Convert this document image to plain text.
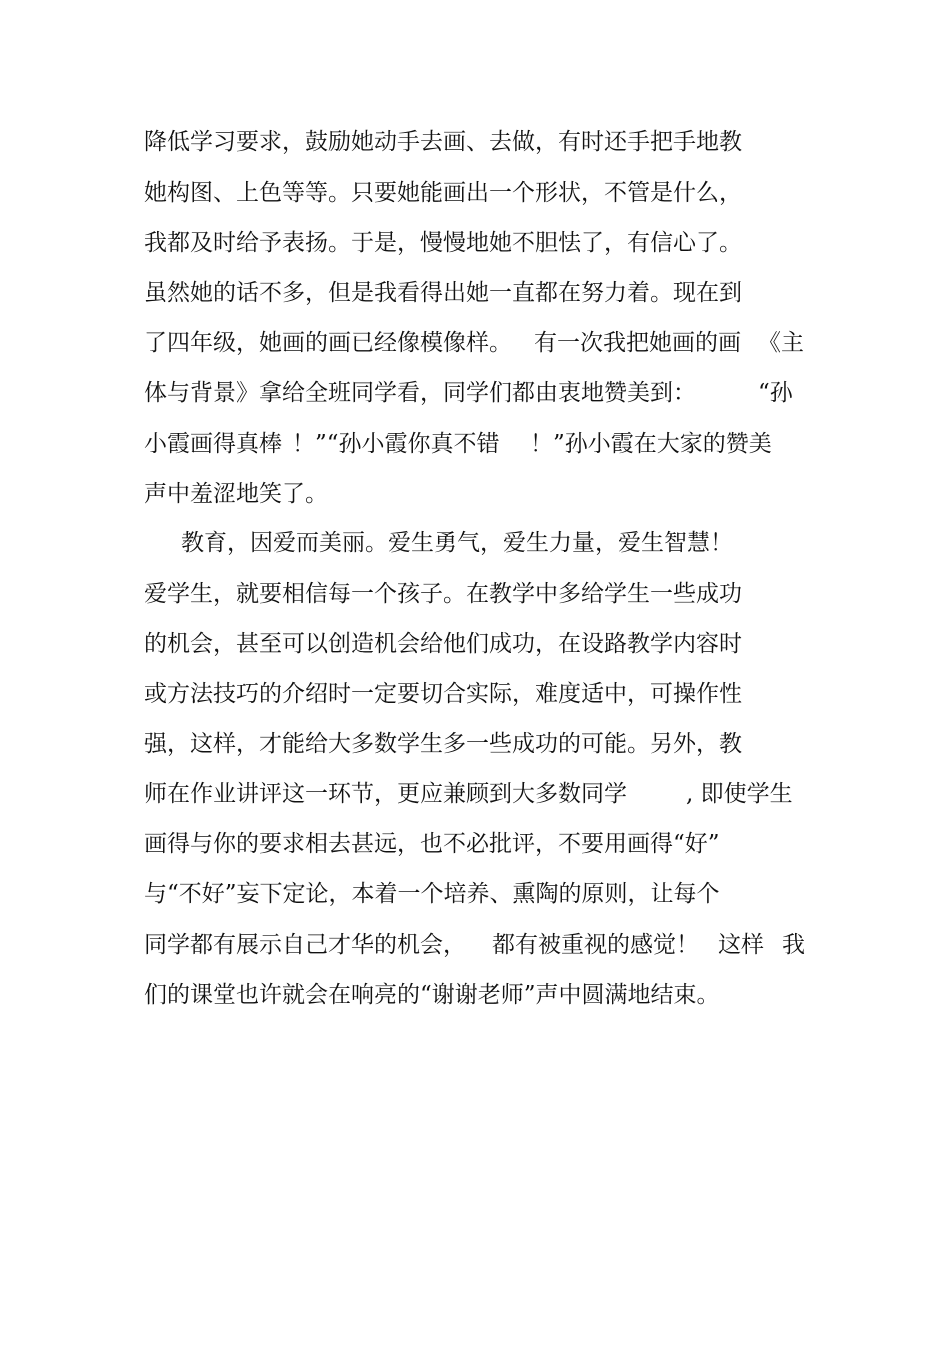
降低学习要求，鼓励她动手去画、去做，有时还手把手地教

她构图、上色等等。只要她能画出一个形状，不管是什么，

我都及时给予表扬。于是，慢慢地她不胆怯了，有信心了。

虽然她的话不多，但是我看得出她一直都在努力着。现在到

了四年级，她画的画已经像模像样。

有一次我把她画的画

《主

体与背景》拿给全班同学看，同学们都由衷地赞美到：

	“孙

小霞画得真棒

！”“孙小霞你真不错

！”孙小霞在大家的赞美

声中羞涩地笑了。

教育，因爱而美丽。爱生勇气，爱生力量，爱生智慧！

爱学生，就要相信每一个孩子。在教学中多给学生一些成功

的机会，甚至可以创造机会给他们成功，在设路教学内容时

或方法技巧的介绍时一定要切合实际，难度适中，可操作性

强，这样，才能给大多数学生多一些成功的可能。另外，教

师在作业讲评这一环节，更应兼顾到大多数同学

	, 即使学生

画得与你的要求相去甚远，也不必批评，不要用画得“好”

与“不好”妄下定论，本着一个培养、熏陶的原则，让每个

同学都有展示自己才华的机会，

都有被重视的感觉！

这样

我

们的课堂也许就会在响亮的“谢谢老师”声中圆满地结束。
